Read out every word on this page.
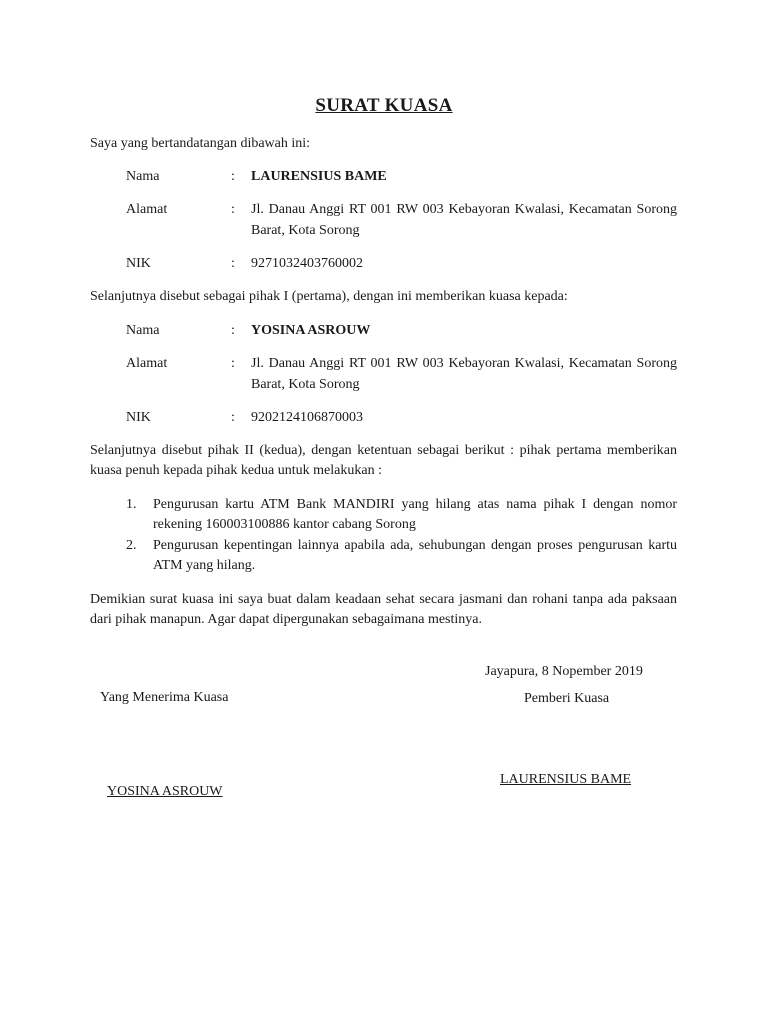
SURAT KUASA
Saya yang bertandatangan dibawah ini:
Nama	: LAURENSIUS BAME
Alamat	: Jl. Danau Anggi RT 001 RW 003 Kebayoran Kwalasi, Kecamatan Sorong Barat, Kota Sorong
NIK	: 9271032403760002
Selanjutnya disebut sebagai pihak I (pertama), dengan ini memberikan kuasa kepada:
Nama	: YOSINA ASROUW
Alamat	: Jl. Danau Anggi RT 001 RW 003 Kebayoran Kwalasi, Kecamatan Sorong Barat, Kota Sorong
NIK	: 9202124106870003
Selanjutnya disebut pihak II (kedua), dengan ketentuan sebagai berikut : pihak pertama memberikan kuasa penuh kepada pihak kedua untuk melakukan :
1. Pengurusan kartu ATM Bank MANDIRI yang hilang atas nama pihak I dengan nomor rekening 160003100886 kantor cabang Sorong
2. Pengurusan kepentingan lainnya apabila ada, sehubungan dengan proses pengurusan kartu ATM yang hilang.
Demikian surat kuasa ini saya buat dalam keadaan sehat secara jasmani dan rohani tanpa ada paksaan dari pihak manapun. Agar dapat dipergunakan sebagaimana mestinya.
Jayapura, 8 Nopember 2019
Yang Menerima Kuasa	Pemberi Kuasa
LAURENSIUS BAME
YOSINA ASROUW
